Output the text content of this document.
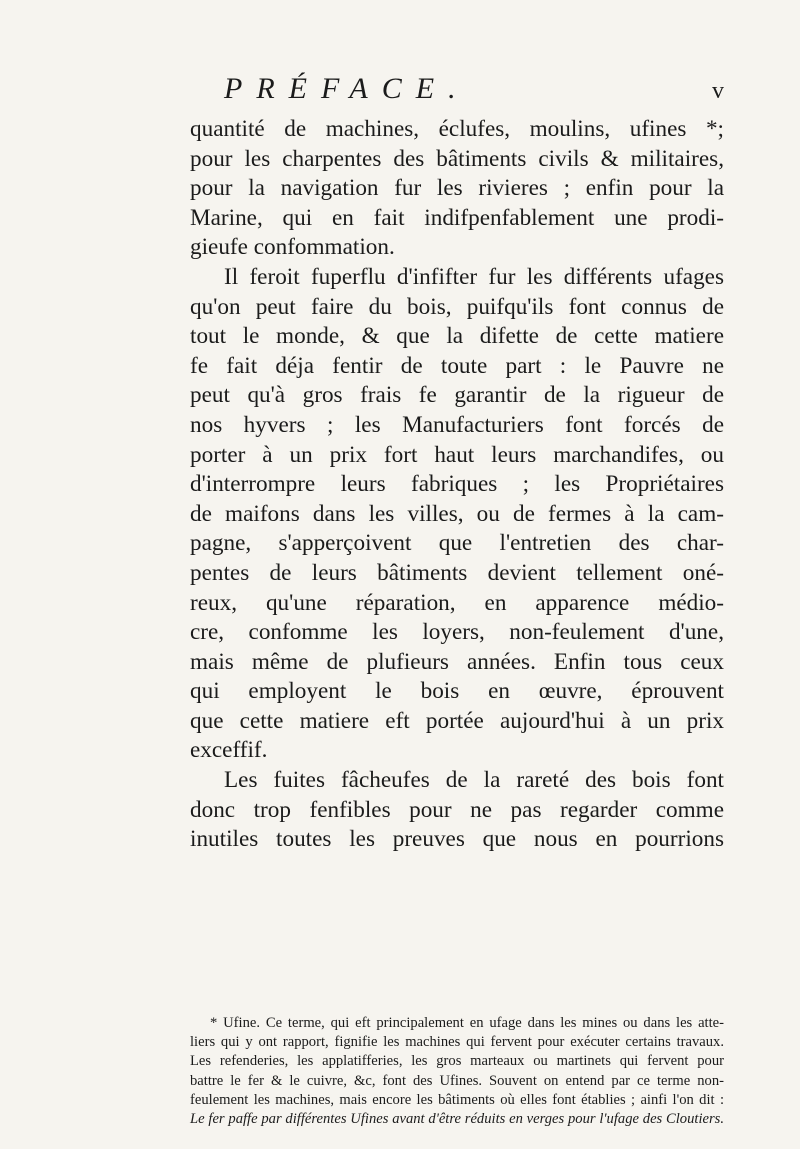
PRÉFACE.	v
quantité de machines, éclufes, moulins, ufines *;
pour les charpentes des bâtiments civils & militaires,
pour la navigation fur les rivieres ; enfin pour la
Marine, qui en fait indifpenfablement une prodi-
gieufe confommation.
Il feroit fuperflu d'infifter fur les différents ufages
qu'on peut faire du bois, puifqu'ils font connus de
tout le monde, & que la difette de cette matiere
fe fait déja fentir de toute part : le Pauvre ne
peut qu'à gros frais fe garantir de la rigueur de
nos hyvers ; les Manufacturiers font forcés de
porter à un prix fort haut leurs marchandifes, ou
d'interrompre leurs fabriques ; les Propriétaires
de maifons dans les villes, ou de fermes à la cam-
pagne, s'apperçoivent que l'entretien des char-
pentes de leurs bâtiments devient tellement oné-
reux, qu'une réparation, en apparence médio-
cre, confomme les loyers, non-feulement d'une,
mais même de plufieurs années. Enfin tous ceux
qui employent le bois en œuvre, éprouvent
que cette matiere eft portée aujourd'hui à un prix
exceffif.
Les fuites fâcheufes de la rareté des bois font
donc trop fenfibles pour ne pas regarder comme
inutiles toutes les preuves que nous en pourrions
* Ufine. Ce terme, qui eft principalement en ufage dans les mines ou dans les atte-
liers qui y ont rapport, fignifie les machines qui fervent pour exécuter certains travaux.
Les refenderies, les applatifferies, les gros marteaux ou martinets qui fervent pour
battre le fer & le cuivre, &c, font des Ufines. Souvent on entend par ce terme non-
feulement les machines, mais encore les bâtiments où elles font établies ; ainfi l'on dit :
Le fer paffe par différentes Ufines avant d'être réduits en verges pour l'ufage des Cloutiers.
